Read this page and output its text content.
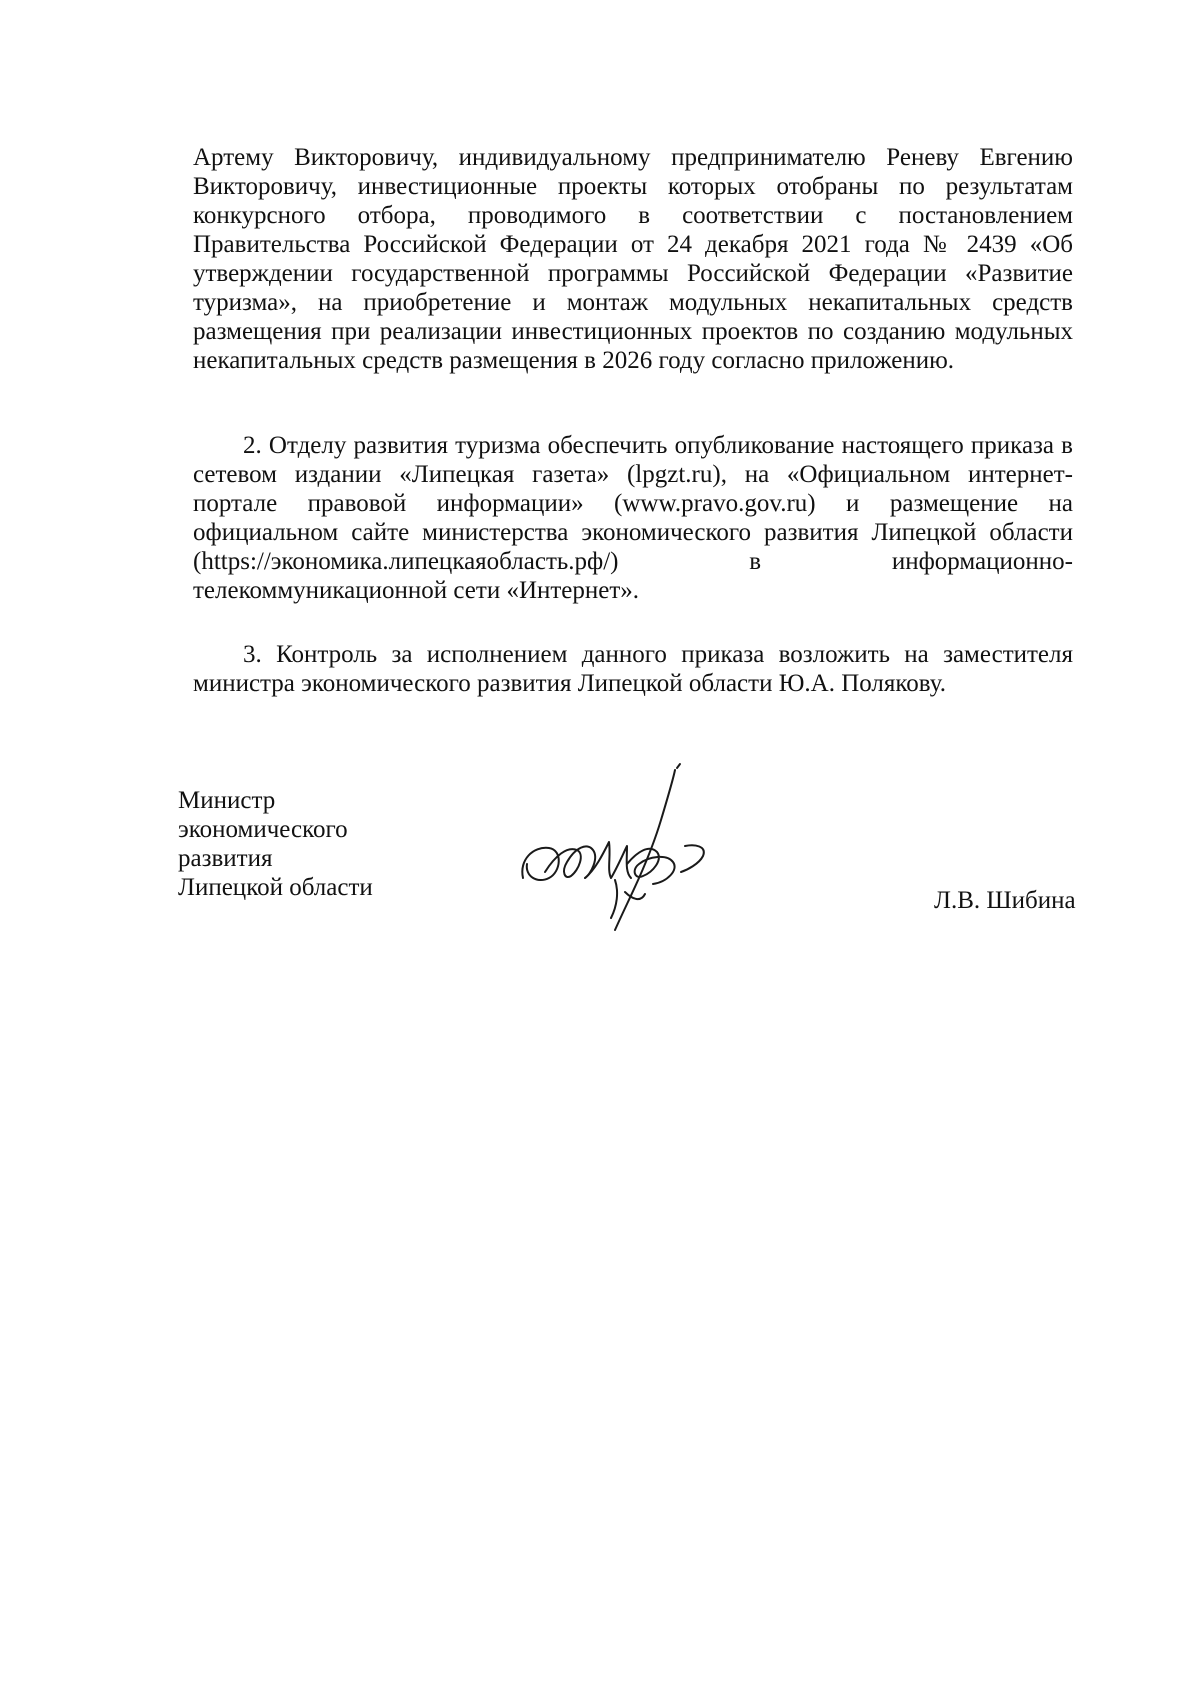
Артему Викторовичу, индивидуальному предпринимателю Реневу Евгению Викторовичу, инвестиционные проекты которых отобраны по результатам конкурсного отбора, проводимого в соответствии с постановлением Правительства Российской Федерации от 24 декабря 2021 года № 2439 «Об утверждении государственной программы Российской Федерации «Развитие туризма», на приобретение и монтаж модульных некапитальных средств размещения при реализации инвестиционных проектов по созданию модульных некапитальных средств размещения в 2026 году согласно приложению.

2. Отделу развития туризма обеспечить опубликование настоящего приказа в сетевом издании «Липецкая газета» (lpgzt.ru), на «Официальном интернет-портале правовой информации» (www.pravo.gov.ru) и размещение на официальном сайте министерства экономического развития Липецкой области (https://экономика.липецкаяобласть.рф/) в информационно-телекоммуникационной сети «Интернет».

3. Контроль за исполнением данного приказа возложить на заместителя министра экономического развития Липецкой области Ю.А. Полякову.

Министр
экономического
развития
Липецкой области	Л.В. Шибина
